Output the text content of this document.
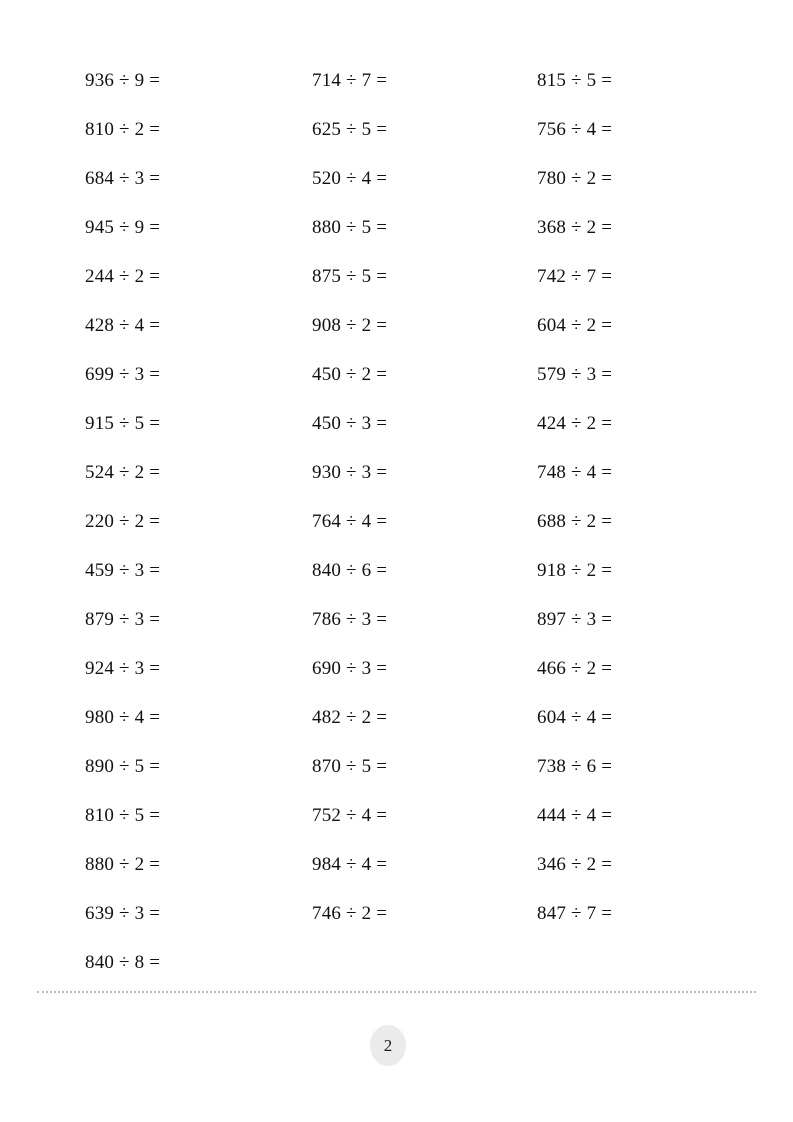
936 ÷ 9 =	714 ÷ 7 =	815 ÷ 5 =
810 ÷ 2 =	625 ÷ 5 =	756 ÷ 4 =
684 ÷ 3 =	520 ÷ 4 =	780 ÷ 2 =
945 ÷ 9 =	880 ÷ 5 =	368 ÷ 2 =
244 ÷ 2 =	875 ÷ 5 =	742 ÷ 7 =
428 ÷ 4 =	908 ÷ 2 =	604 ÷ 2 =
699 ÷ 3 =	450 ÷ 2 =	579 ÷ 3 =
915 ÷ 5 =	450 ÷ 3 =	424 ÷ 2 =
524 ÷ 2 =	930 ÷ 3 =	748 ÷ 4 =
220 ÷ 2 =	764 ÷ 4 =	688 ÷ 2 =
459 ÷ 3 =	840 ÷ 6 =	918 ÷ 2 =
879 ÷ 3 =	786 ÷ 3 =	897 ÷ 3 =
924 ÷ 3 =	690 ÷ 3 =	466 ÷ 2 =
980 ÷ 4 =	482 ÷ 2 =	604 ÷ 4 =
890 ÷ 5 =	870 ÷ 5 =	738 ÷ 6 =
810 ÷ 5 =	752 ÷ 4 =	444 ÷ 4 =
880 ÷ 2 =	984 ÷ 4 =	346 ÷ 2 =
639 ÷ 3 =	746 ÷ 2 =	847 ÷ 7 =
840 ÷ 8 =
2
